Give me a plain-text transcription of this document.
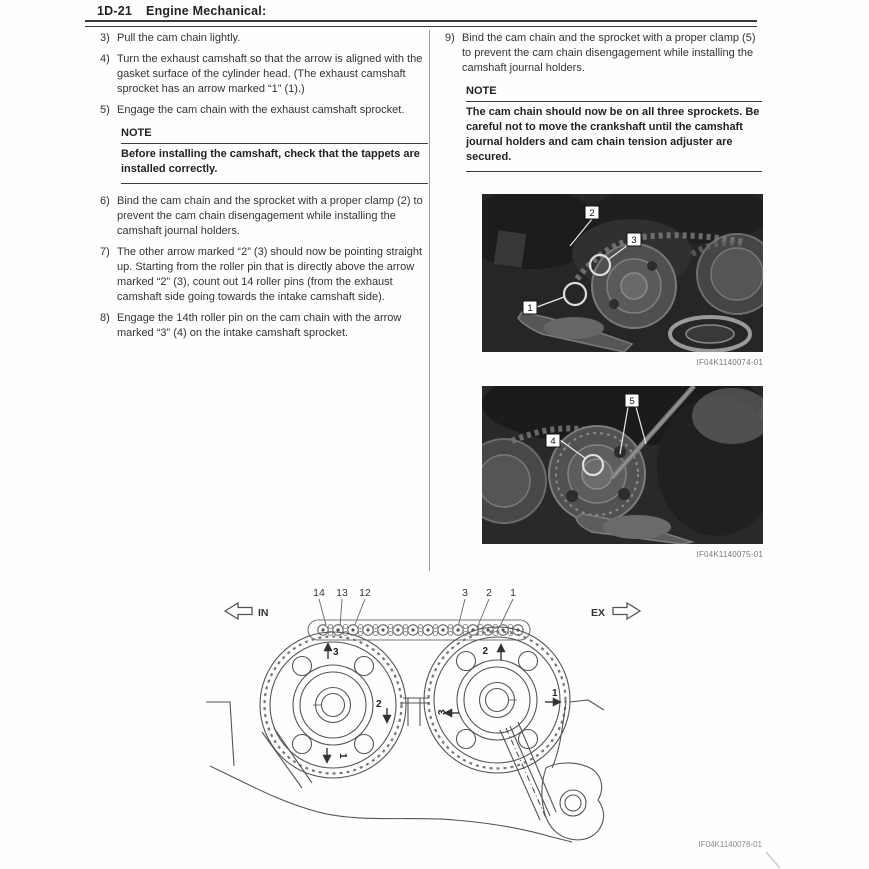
1D-21 Engine Mechanical:
3) Pull the cam chain lightly.
4) Turn the exhaust camshaft so that the arrow is aligned with the gasket surface of the cylinder head. (The exhaust camshaft sprocket has an arrow marked “1” (1).)
5) Engage the cam chain with the exhaust camshaft sprocket.
NOTE
Before installing the camshaft, check that the tappets are installed correctly.
6) Bind the cam chain and the sprocket with a proper clamp (2) to prevent the cam chain disengagement while installing the camshaft journal holders.
7) The other arrow marked “2” (3) should now be pointing straight up. Starting from the roller pin that is directly above the arrow marked “2” (3), count out 14 roller pins (from the exhaust camshaft side going towards the intake camshaft side).
8) Engage the 14th roller pin on the cam chain with the arrow marked “3” (4) on the intake camshaft sprocket.
9) Bind the cam chain and the sprocket with a proper clamp (5) to prevent the cam chain disengagement while installing the camshaft journal holders.
NOTE
The cam chain should now be on all three sprockets. Be careful not to move the crankshaft until the camshaft journal holders and cam chain tension adjuster are secured.
2
3
1
IF04K1140074-01
5
4
IF04K1140075-01
IN	EX
14 13 12	3 2 1
3
2
1
2
1
3
IF04K1140076-01
